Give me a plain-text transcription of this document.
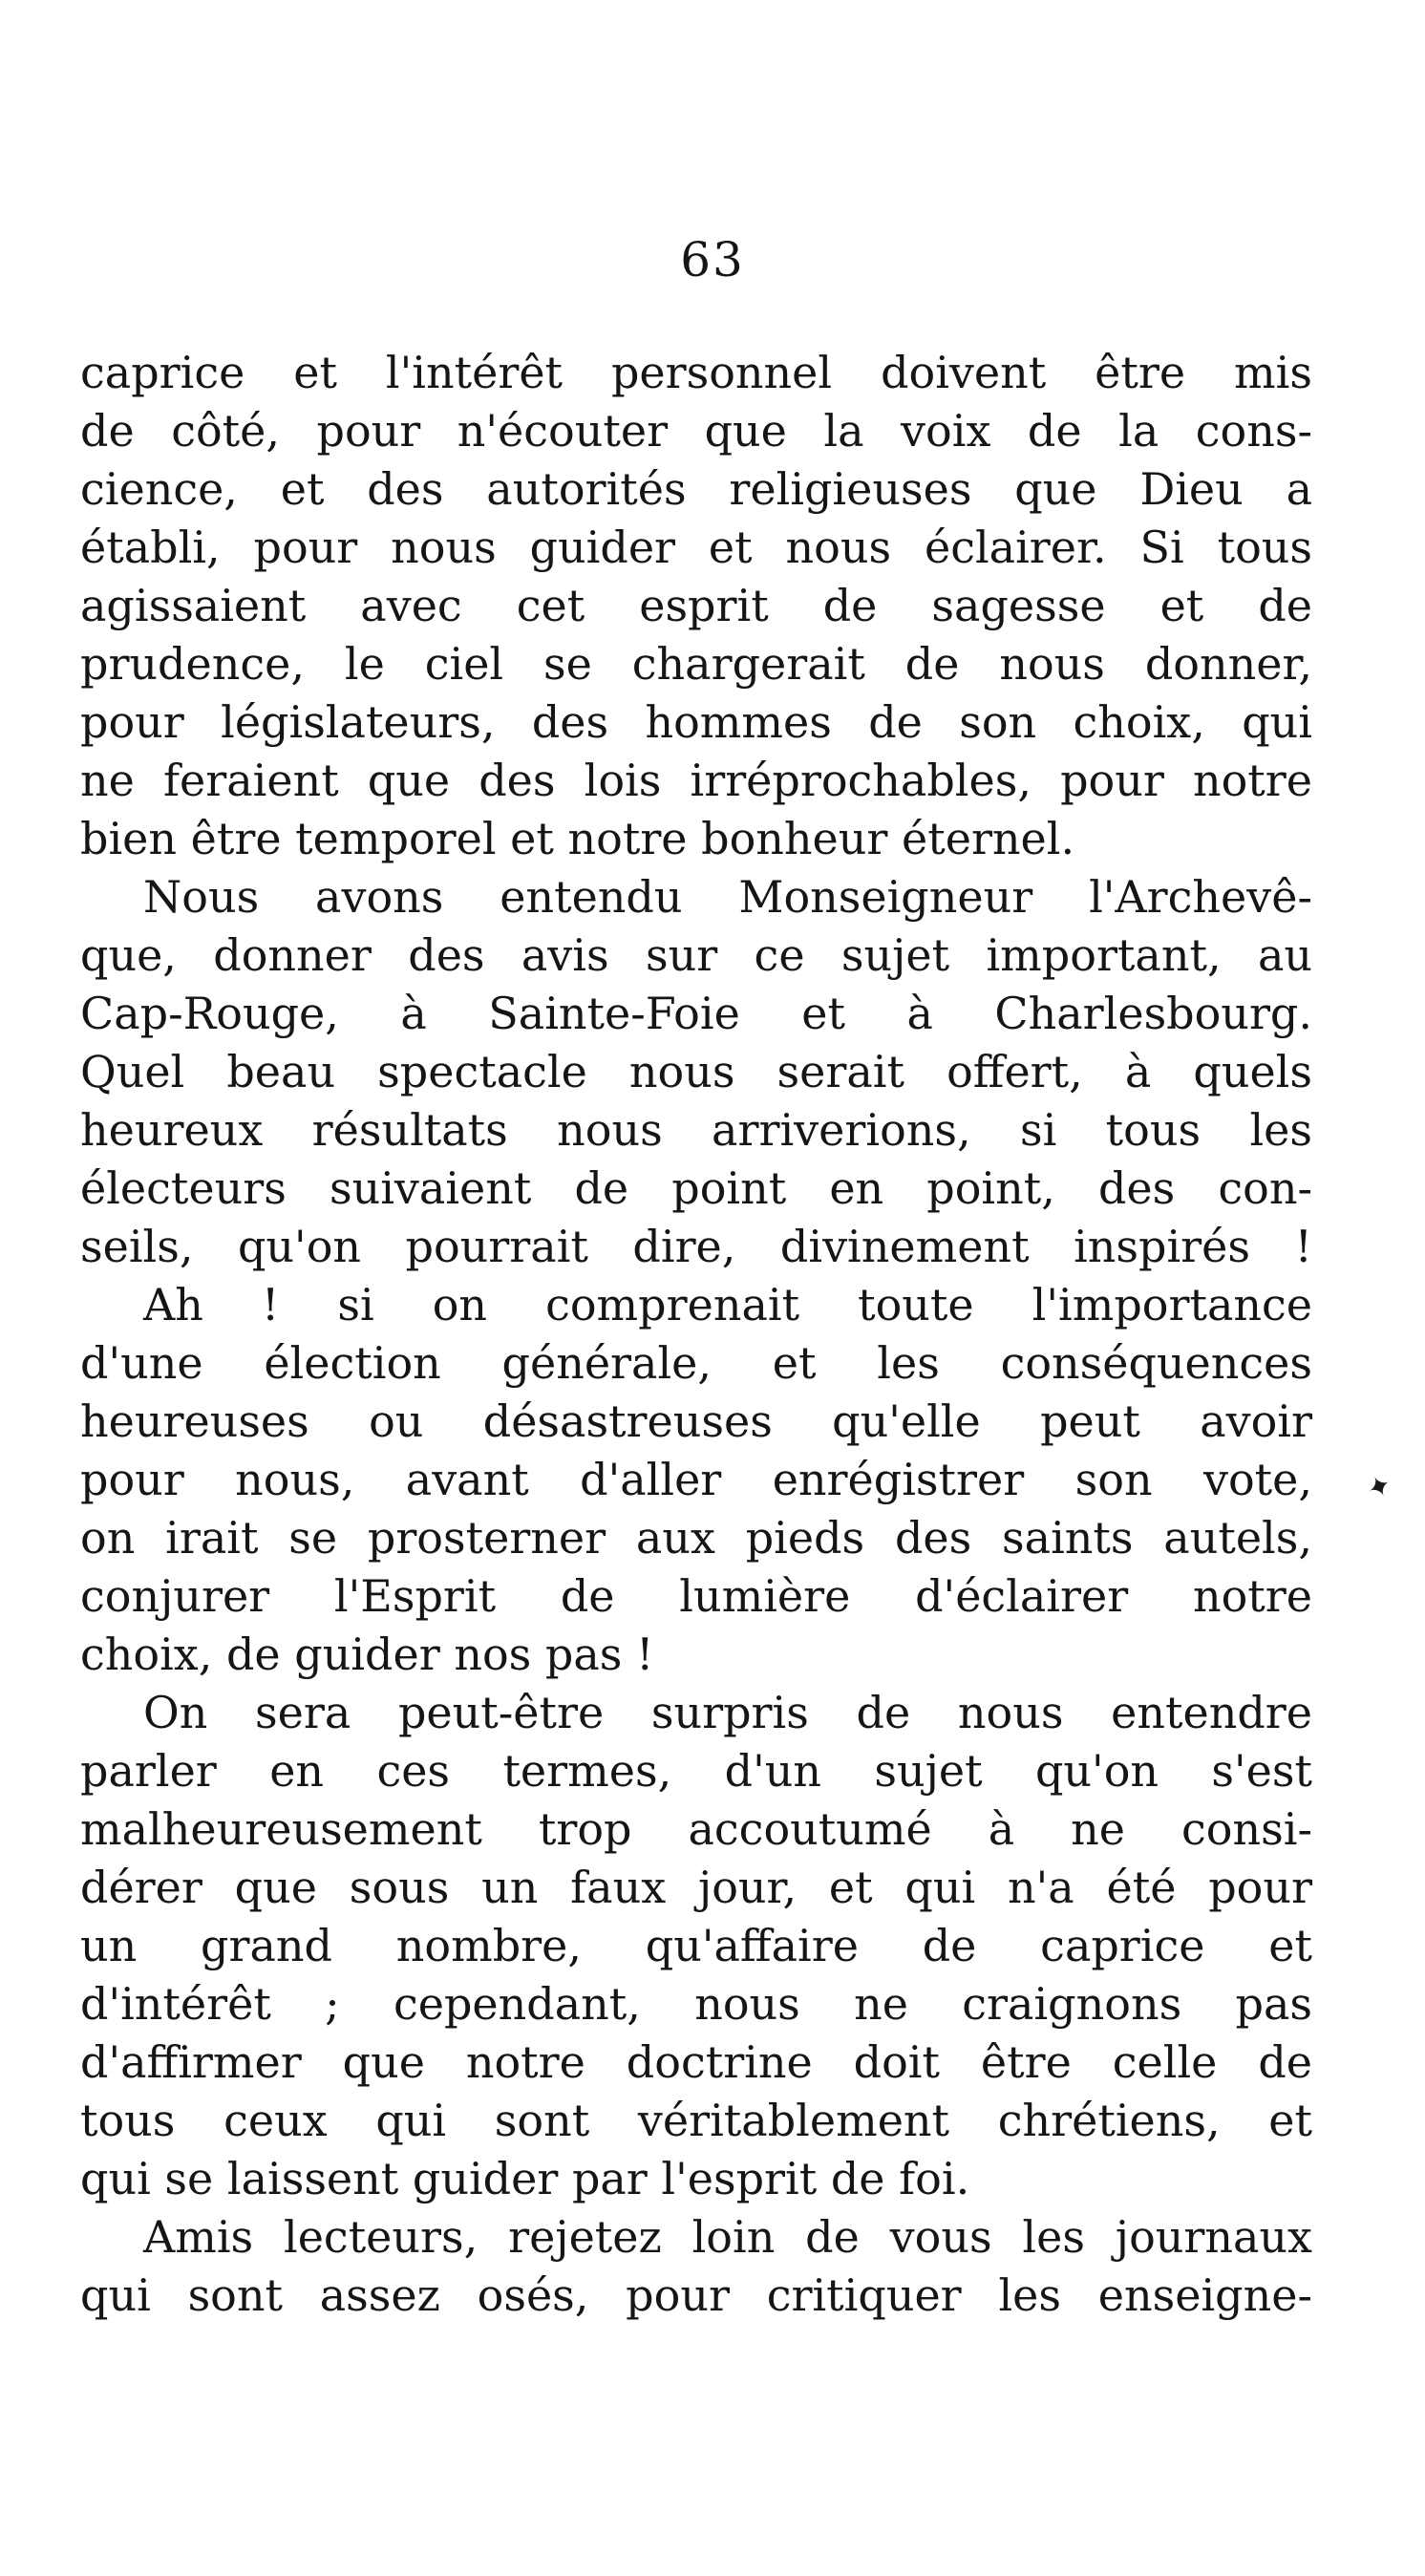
63
caprice et l'intérêt personnel doivent être mis
de côté, pour n'écouter que la voix de la cons-
cience, et des autorités religieuses que Dieu a
établi, pour nous guider et nous éclairer. Si tous
agissaient avec cet esprit de sagesse et de
prudence, le ciel se chargerait de nous donner,
pour législateurs, des hommes de son choix, qui
ne feraient que des lois irréprochables, pour notre
bien être temporel et notre bonheur éternel.
Nous avons entendu Monseigneur l'Archevê-
que, donner des avis sur ce sujet important, au
Cap-Rouge, à Sainte-Foie et à Charlesbourg.
Quel beau spectacle nous serait offert, à quels
heureux résultats nous arriverions, si tous les
électeurs suivaient de point en point, des con-
seils, qu'on pourrait dire, divinement inspirés !
Ah ! si on comprenait toute l'importance
d'une élection générale, et les conséquences
heureuses ou désastreuses qu'elle peut avoir
pour nous, avant d'aller enrégistrer son vote,
on irait se prosterner aux pieds des saints autels,
conjurer l'Esprit de lumière d'éclairer notre
choix, de guider nos pas !
On sera peut-être surpris de nous entendre
parler en ces termes, d'un sujet qu'on s'est
malheureusement trop accoutumé à ne consi-
dérer que sous un faux jour, et qui n'a été pour
un grand nombre, qu'affaire de caprice et
d'intérêt ; cependant, nous ne craignons pas
d'affirmer que notre doctrine doit être celle de
tous ceux qui sont véritablement chrétiens, et
qui se laissent guider par l'esprit de foi.
Amis lecteurs, rejetez loin de vous les journaux
qui sont assez osés, pour critiquer les enseigne-
✦
